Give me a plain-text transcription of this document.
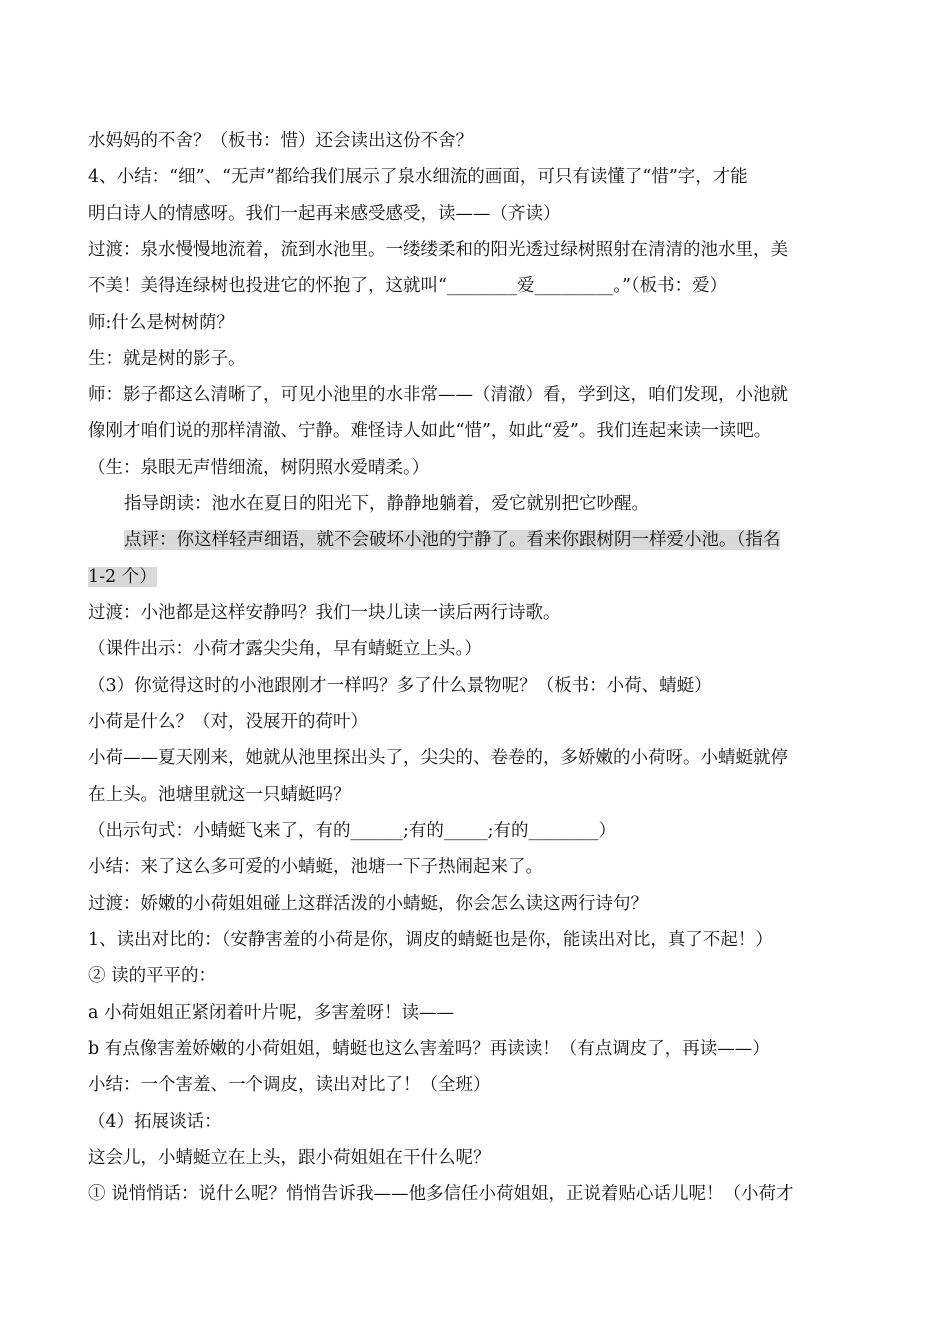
水妈妈的不舍？（板书：惜）还会读出这份不舍？
4、小结：“细”、“无声”都给我们展示了泉水细流的画面，可只有读懂了“惜”字，才能
明白诗人的情感呀。我们一起再来感受感受，读——（齐读）
过渡：泉水慢慢地流着，流到水池里。一缕缕柔和的阳光透过绿树照射在清清的池水里，美
不美！美得连绿树也投进它的怀抱了，这就叫“________爱_________。”（板书：爱）
师:什么是树树荫？
生：就是树的影子。
师：影子都这么清晰了，可见小池里的水非常——（清澈）看，学到这，咱们发现，小池就
像刚才咱们说的那样清澈、宁静。难怪诗人如此“惜”，如此“爱”。我们连起来读一读吧。
（生：泉眼无声惜细流，树阴照水爱晴柔。）
指导朗读：池水在夏日的阳光下，静静地躺着，爱它就别把它吵醒。
点评：你这样轻声细语，就不会破坏小池的宁静了。看来你跟树阴一样爱小池。（指名
1-2 个）
过渡：小池都是这样安静吗？我们一块儿读一读后两行诗歌。
（课件出示：小荷才露尖尖角，早有蜻蜓立上头。）
（3）你觉得这时的小池跟刚才一样吗？多了什么景物呢？（板书：小荷、蜻蜓）
小荷是什么？（对，没展开的荷叶）
小荷——夏天刚来，她就从池里探出头了，尖尖的、卷卷的，多娇嫩的小荷呀。小蜻蜓就停
在上头。池塘里就这一只蜻蜓吗？
（出示句式：小蜻蜓飞来了，有的______;有的_____;有的________）
小结：来了这么多可爱的小蜻蜓，池塘一下子热闹起来了。
过渡：娇嫩的小荷姐姐碰上这群活泼的小蜻蜓，你会怎么读这两行诗句？
1、读出对比的：（安静害羞的小荷是你，调皮的蜻蜓也是你，能读出对比，真了不起！）
② 读的平平的：
a 小荷姐姐正紧闭着叶片呢，多害羞呀！读——
b 有点像害羞娇嫩的小荷姐姐，蜻蜓也这么害羞吗？再读读！（有点调皮了，再读——）
小结：一个害羞、一个调皮，读出对比了！（全班）
（4）拓展谈话：
这会儿，小蜻蜓立在上头，跟小荷姐姐在干什么呢？
① 说悄悄话：说什么呢？悄悄告诉我——他多信任小荷姐姐，正说着贴心话儿呢！（小荷才
